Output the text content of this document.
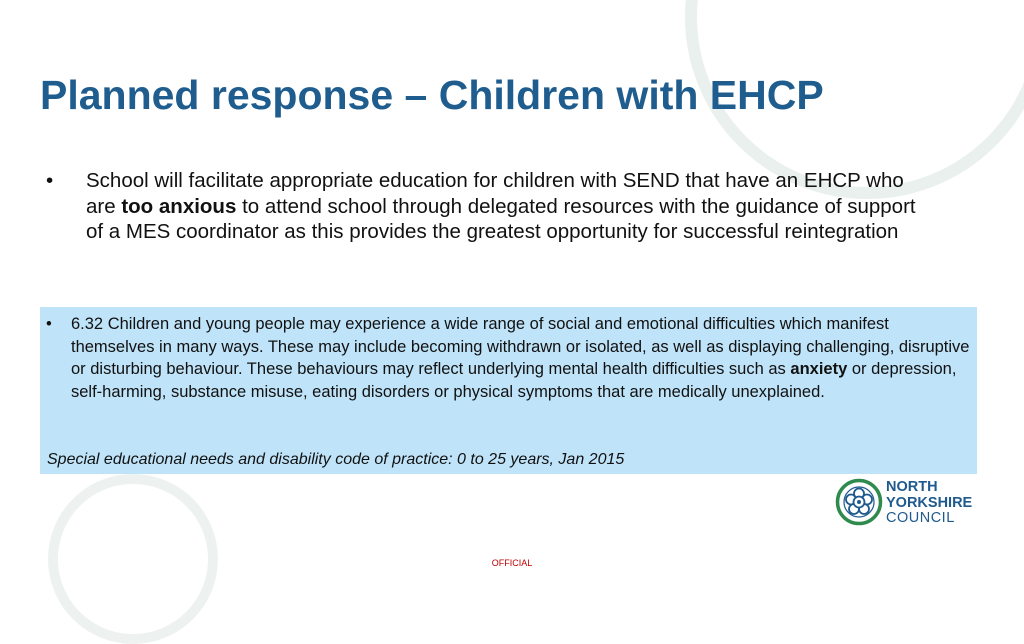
Planned response – Children with EHCP
• School will facilitate appropriate education for children with SEND that have an EHCP who are too anxious to attend school through delegated resources with the guidance of support of a MES coordinator as this provides the greatest opportunity for successful reintegration
• 6.32 Children and young people may experience a wide range of social and emotional difficulties which manifest themselves in many ways. These may include becoming withdrawn or isolated, as well as displaying challenging, disruptive or disturbing behaviour. These behaviours may reflect underlying mental health difficulties such as anxiety or depression, self-harming, substance misuse, eating disorders or physical symptoms that are medically unexplained.
Special educational needs and disability code of practice: 0 to 25 years, Jan 2015
NORTH
YORKSHIRE
COUNCIL
OFFICIAL
